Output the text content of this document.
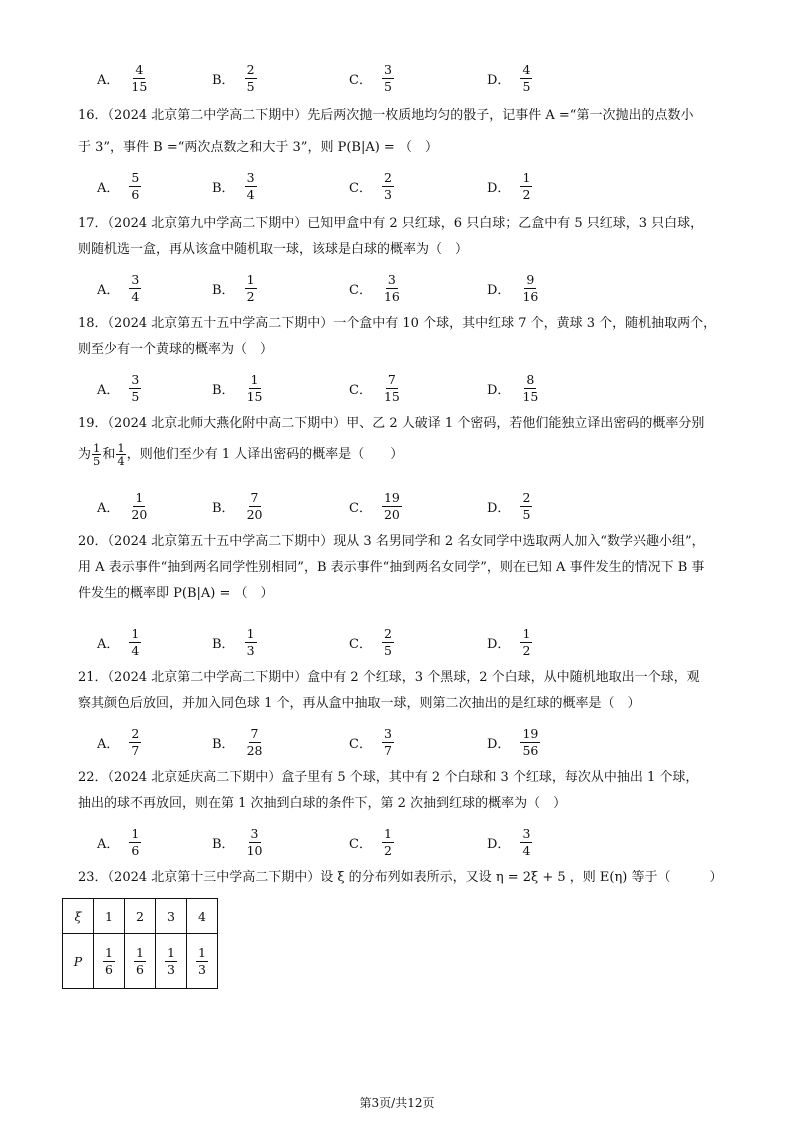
A． $\frac{4}{15}$	B． $\frac{2}{5}$	C． $\frac{3}{5}$	D． $\frac{4}{5}$

16．（2024 北京第二中学高二下期中）先后两次抛一枚质地均匀的骰子，记事件 A =“第一次抛出的点数小

于 3”，事件 B =“两次点数之和大于 3”，则 P(B|A) = （　）

A． $\frac{5}{6}$	B． $\frac{3}{4}$	C． $\frac{2}{3}$	D． $\frac{1}{2}$

17．（2024 北京第九中学高二下期中）已知甲盒中有 2 只红球，6 只白球；乙盒中有 5 只红球，3 只白球，

则随机选一盒，再从该盒中随机取一球，该球是白球的概率为（　）

A． $\frac{3}{4}$	B． $\frac{1}{2}$	C． $\frac{3}{16}$	D． $\frac{9}{16}$

18．（2024 北京第五十五中学高二下期中）一个盒中有 10 个球，其中红球 7 个，黄球 3 个，随机抽取两个，

则至少有一个黄球的概率为（　）

A． $\frac{3}{5}$	B． $\frac{1}{15}$	C． $\frac{7}{15}$	D． $\frac{8}{15}$

19．（2024 北京北师大燕化附中高二下期中）甲、乙 2 人破译 1 个密码，若他们能独立译出密码的概率分别

为 $\frac{1}{5}$ 和 $\frac{1}{4}$ ，则他们至少有 1 人译出密码的概率是（　　）

A． $\frac{1}{20}$	B． $\frac{7}{20}$	C． $\frac{19}{20}$	D． $\frac{2}{5}$

20．（2024 北京第五十五中学高二下期中）现从 3 名男同学和 2 名女同学中选取两人加入“数学兴趣小组”，

用 A 表示事件“抽到两名同学性别相同”，B 表示事件“抽到两名女同学”，则在已知 A 事件发生的情况下 B 事

件发生的概率即 P(B|A) = （　）

A． $\frac{1}{4}$	B． $\frac{1}{3}$	C． $\frac{2}{5}$	D． $\frac{1}{2}$

21．（2024 北京第二中学高二下期中）盒中有 2 个红球，3 个黑球，2 个白球，从中随机地取出一个球，观

察其颜色后放回，并加入同色球 1 个，再从盒中抽取一球，则第二次抽出的是红球的概率是（　）

A． $\frac{2}{7}$	B． $\frac{7}{28}$	C． $\frac{3}{7}$	D． $\frac{19}{56}$

22．（2024 北京延庆高二下期中）盒子里有 5 个球，其中有 2 个白球和 3 个红球，每次从中抽出 1 个球，

抽出的球不再放回，则在第 1 次抽到白球的条件下，第 2 次抽到红球的概率为（　）

A． $\frac{1}{6}$	B． $\frac{3}{10}$	C． $\frac{1}{2}$	D． $\frac{3}{4}$

23．（2024 北京第十三中学高二下期中）设 ξ 的分布列如表所示，又设 η = 2ξ + 5 ，则 E(η) 等于（　　　）

ξ	1	2	3	4
P	$\frac{1}{6}$	$\frac{1}{6}$	$\frac{1}{3}$	$\frac{1}{3}$
第3页/共12页
